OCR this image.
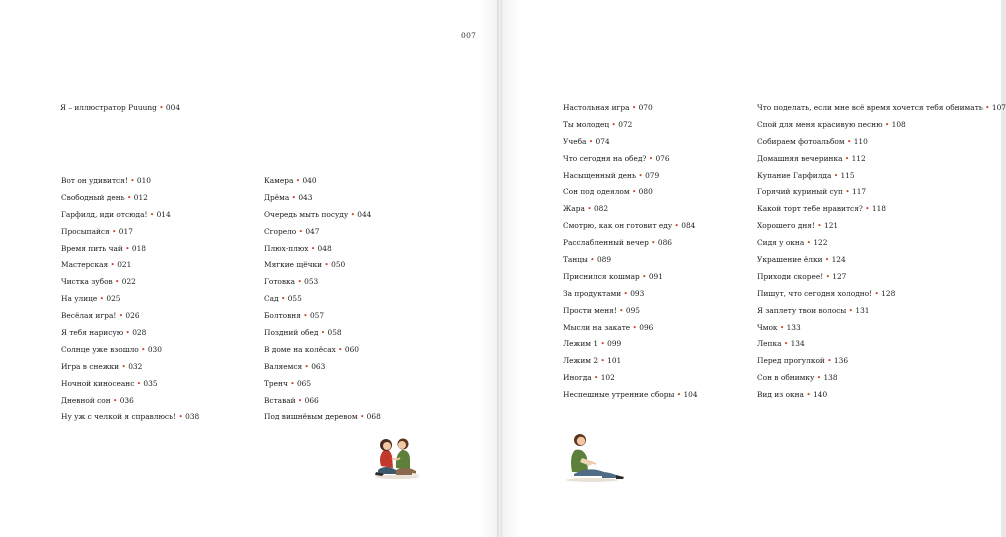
007
Я – иллюстратор Puuung • 004
Вот он удивится! • 010
Свободный день • 012
Гарфилд, иди отсюда! • 014
Просыпайся • 017
Время пить чай • 018
Мастерская • 021
Чистка зубов • 022
На улице • 025
Весёлая игра! • 026
Я тебя нарисую • 028
Солнце уже взошло • 030
Игра в снежки • 032
Ночной киносеанс • 035
Дневной сон • 036
Ну уж с челкой я справлюсь! • 038
Камера • 040
Дрёма • 043
Очередь мыть посуду • 044
Сгорело • 047
Плюх-плюх • 048
Мягкие щёчки • 050
Готовка • 053
Сад • 055
Болтовня • 057
Поздний обед • 058
В доме на колёсах • 060
Валяемся • 063
Тренч • 065
Вставай • 066
Под вишнёвым деревом • 068
Настольная игра • 070
Ты молодец • 072
Учеба • 074
Что сегодня на обед? • 076
Насыщенный день • 079
Сон под одеялом • 080
Жара • 082
Смотрю, как он готовит еду • 084
Расслабленный вечер • 086
Танцы • 089
Приснился кошмар • 091
За продуктами • 093
Прости меня! • 095
Мысли на закате • 096
Лежим 1 • 099
Лежим 2 • 101
Иногда • 102
Неспешные утренние сборы • 104
Что поделать, если мне всё время хочется тебя обнимать • 107
Спой для меня красивую песню • 108
Собираем фотоальбом • 110
Домашняя вечеринка • 112
Купание Гарфилда • 115
Горячий куриный суп • 117
Какой торт тебе нравится? • 118
Хорошего дня! • 121
Сидя у окна • 122
Украшение ёлки • 124
Приходи скорее! • 127
Пишут, что сегодня холодно! • 128
Я заплету твои волосы • 131
Чмок • 133
Лепка • 134
Перед прогулкой • 136
Сон в обнимку • 138
Вид из окна • 140
